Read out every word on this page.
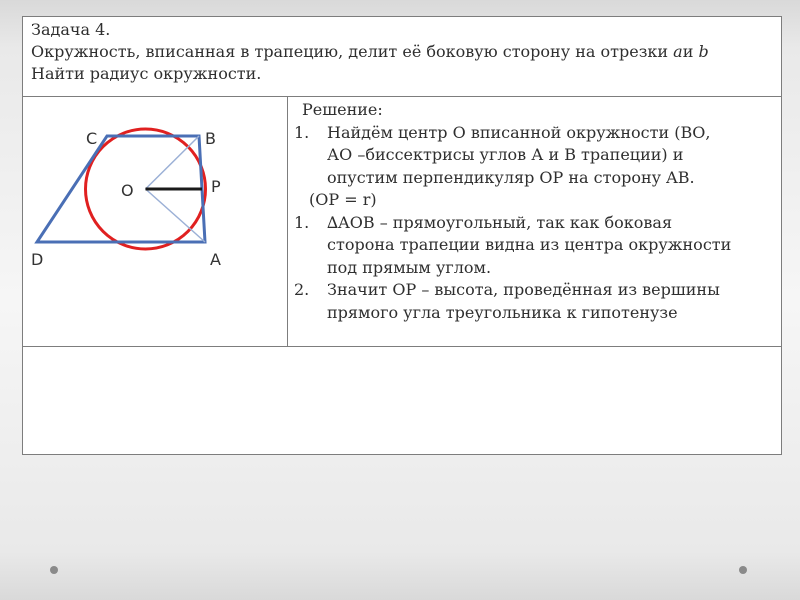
Задача 4.
Окружность, вписанная в трапецию, делит её боковую сторону на отрезки aи b
Найти радиус окружности.
C	B
O	P
D	A
Решение:
1. Найдём центр О вписанной окружности (ВО,
АО –биссектрисы углов А и В трапеции) и
опустим перпендикуляр OP на сторону AB.
(OP = r)
1. ∆AOB – прямоугольный, так как боковая
сторона трапеции видна из центра окружности
под прямым углом.
2. Значит OP – высота, проведённая из вершины
прямого угла треугольника к гипотенузе
